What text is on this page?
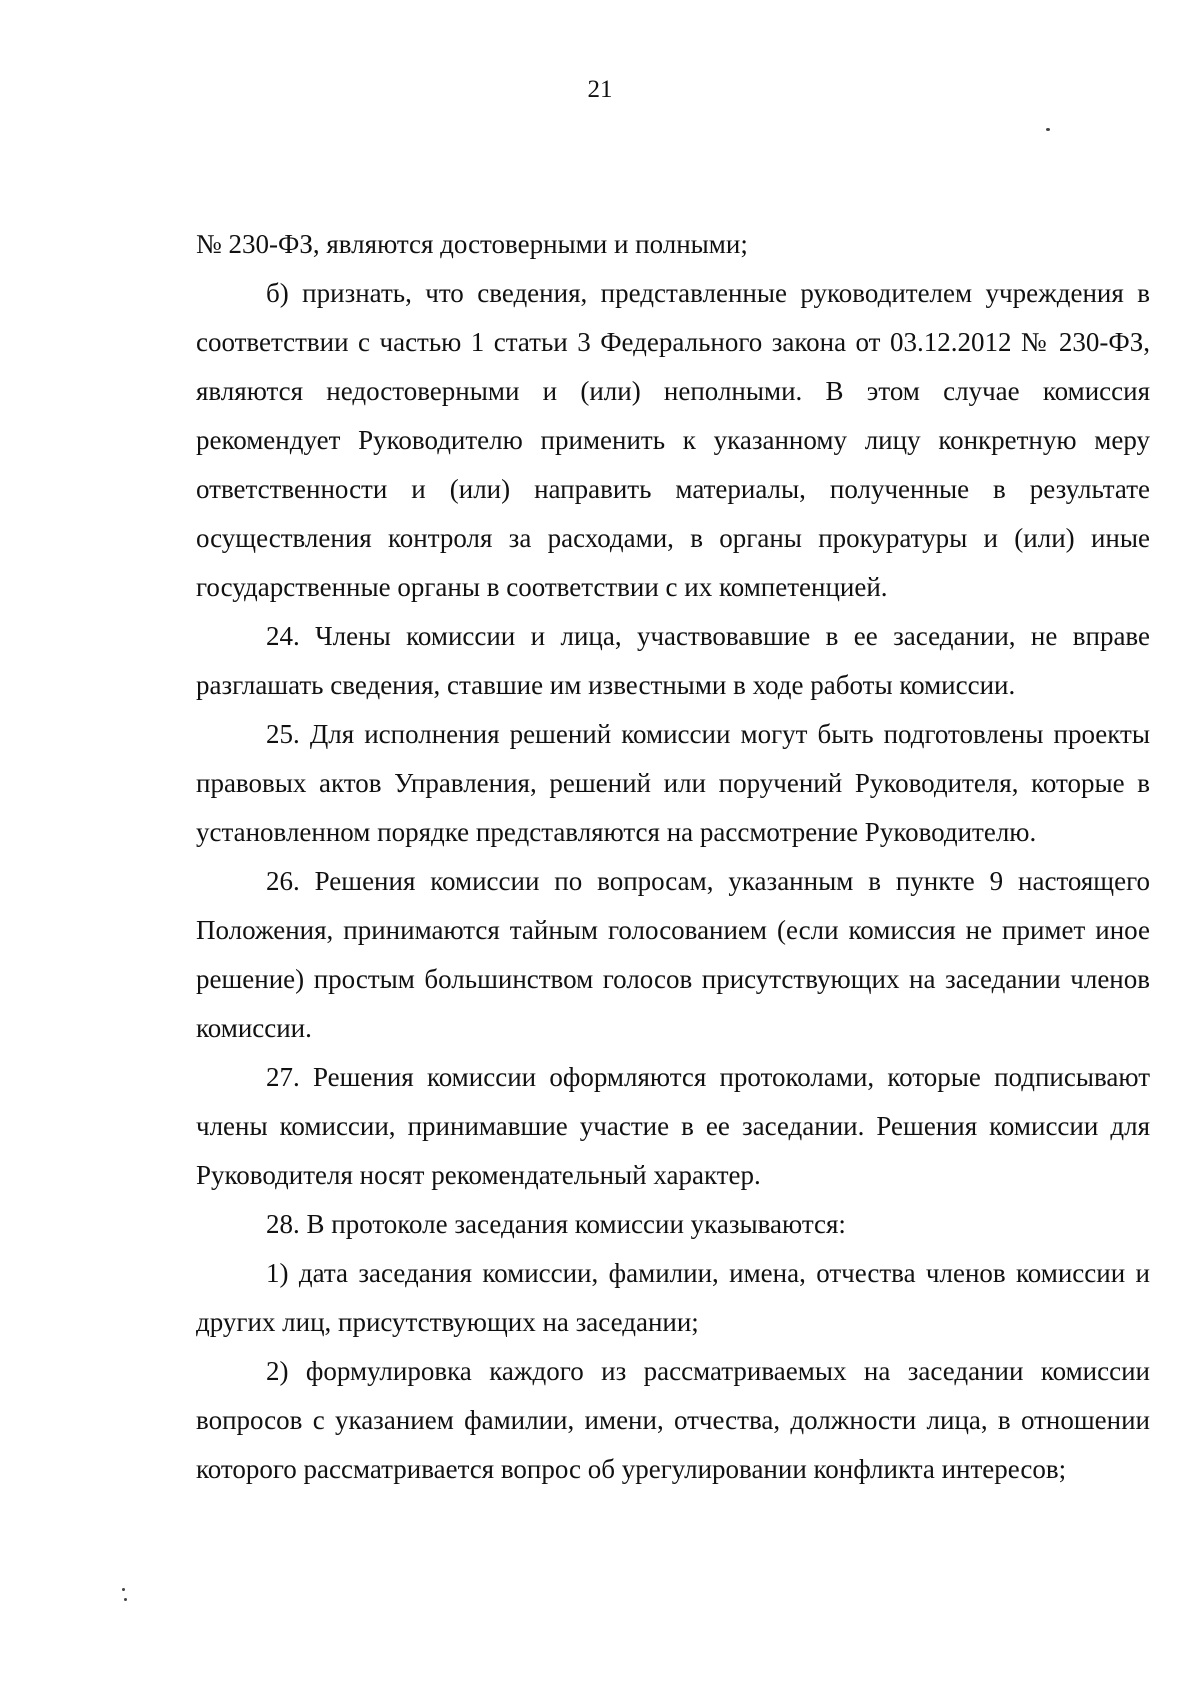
21

№ 230-ФЗ, являются достоверными и полными;

б) признать, что сведения, представленные руководителем учреждения в соответствии с частью 1 статьи 3 Федерального закона от 03.12.2012 № 230-ФЗ, являются недостоверными и (или) неполными. В этом случае комиссия рекомендует Руководителю применить к указанному лицу конкретную меру ответственности и (или) направить материалы, полученные в результате осуществления контроля за расходами, в органы прокуратуры и (или) иные государственные органы в соответствии с их компетенцией.

24. Члены комиссии и лица, участвовавшие в ее заседании, не вправе разглашать сведения, ставшие им известными в ходе работы комиссии.

25. Для исполнения решений комиссии могут быть подготовлены проекты правовых актов Управления, решений или поручений Руководителя, которые в установленном порядке представляются на рассмотрение Руководителю.

26. Решения комиссии по вопросам, указанным в пункте 9 настоящего Положения, принимаются тайным голосованием (если комиссия не примет иное решение) простым большинством голосов присутствующих на заседании членов комиссии.

27. Решения комиссии оформляются протоколами, которые подписывают члены комиссии, принимавшие участие в ее заседании. Решения комиссии для Руководителя носят рекомендательный характер.

28. В протоколе заседания комиссии указываются:

1) дата заседания комиссии, фамилии, имена, отчества членов комиссии и других лиц, присутствующих на заседании;

2) формулировка каждого из рассматриваемых на заседании комиссии вопросов с указанием фамилии, имени, отчества, должности лица, в отношении которого рассматривается вопрос об урегулировании конфликта интересов;
